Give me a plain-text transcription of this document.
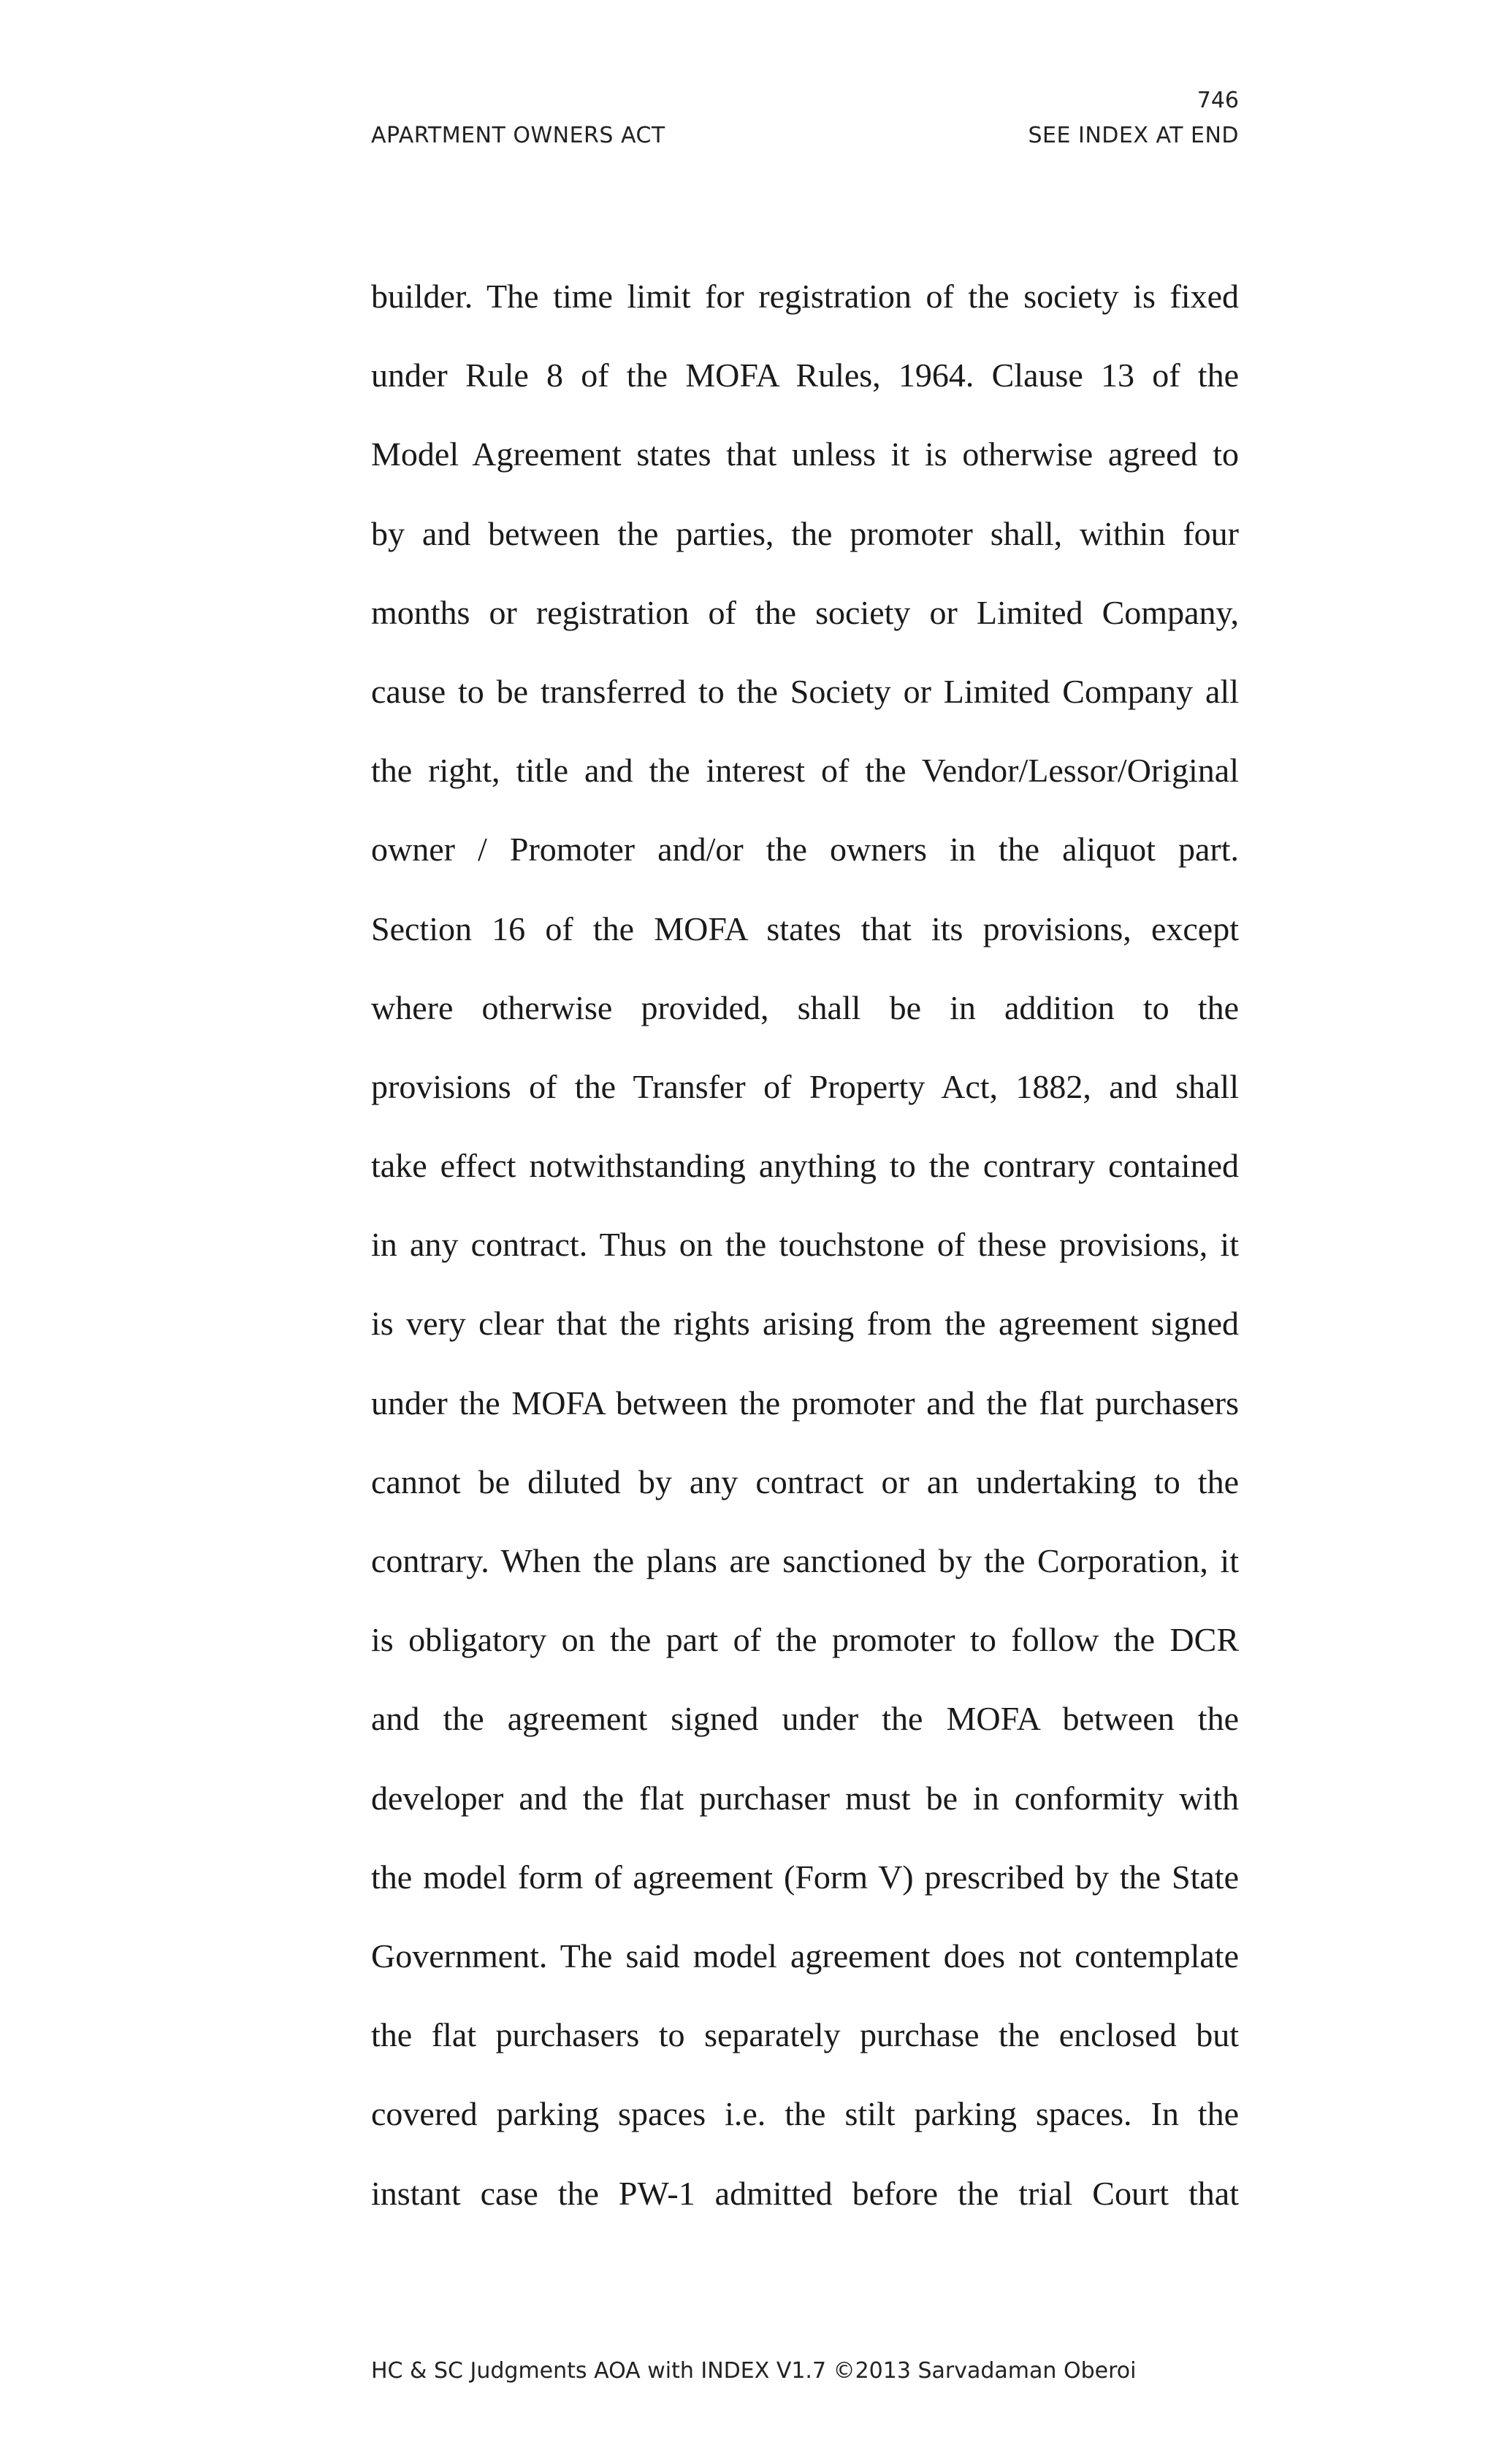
746
APARTMENT OWNERS ACT	SEE INDEX AT END
builder. The time limit for registration of the society is fixed
under Rule 8 of the MOFA Rules, 1964. Clause 13 of the
Model Agreement states that unless it is otherwise agreed to
by and between the parties, the promoter shall, within four
months or registration of the society or Limited Company,
cause to be transferred to the Society or Limited Company all
the right, title and the interest of the Vendor/Lessor/Original
owner / Promoter and/or the owners in the aliquot part.
Section 16 of the MOFA states that its provisions, except
where otherwise provided, shall be in addition to the
provisions of the Transfer of Property Act, 1882, and shall
take effect notwithstanding anything to the contrary contained
in any contract. Thus on the touchstone of these provisions, it
is very clear that the rights arising from the agreement signed
under the MOFA between the promoter and the flat purchasers
cannot be diluted by any contract or an undertaking to the
contrary. When the plans are sanctioned by the Corporation, it
is obligatory on the part of the promoter to follow the DCR
and the agreement signed under the MOFA between the
developer and the flat purchaser must be in conformity with
the model form of agreement (Form V) prescribed by the State
Government. The said model agreement does not contemplate
the flat purchasers to separately purchase the enclosed but
covered parking spaces i.e. the stilt parking spaces. In the
instant case the PW-1 admitted before the trial Court that
HC & SC Judgments AOA with INDEX V1.7 ©2013 Sarvadaman Oberoi
